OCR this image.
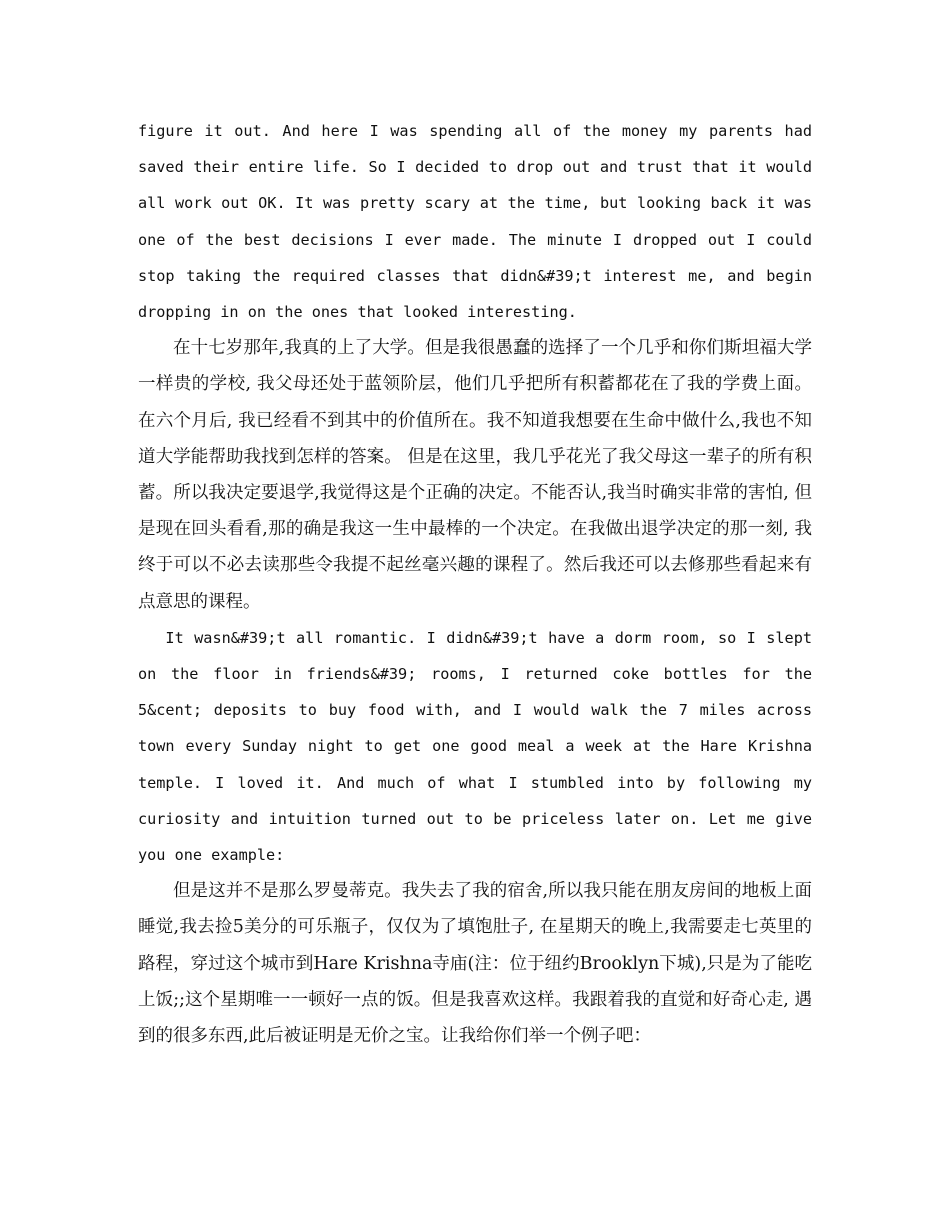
figure it out. And here I was spending all of the money my parents had saved their entire life. So I decided to drop out and trust that it would all work out OK. It was pretty scary at the time, but looking back it was one of the best decisions I ever made. The minute I dropped out I could stop taking the required classes that didn&#39;t interest me, and begin dropping in on the ones that looked interesting.

在十七岁那年,我真的上了大学。但是我很愚蠢的选择了一个几乎和你们斯坦福大学一样贵的学校, 我父母还处于蓝领阶层，他们几乎把所有积蓄都花在了我的学费上面。在六个月后, 我已经看不到其中的价值所在。我不知道我想要在生命中做什么,我也不知道大学能帮助我找到怎样的答案。 但是在这里，我几乎花光了我父母这一辈子的所有积蓄。所以我决定要退学,我觉得这是个正确的决定。不能否认,我当时确实非常的害怕, 但是现在回头看看,那的确是我这一生中最棒的一个决定。在我做出退学决定的那一刻, 我终于可以不必去读那些令我提不起丝毫兴趣的课程了。然后我还可以去修那些看起来有点意思的课程。

It wasn&#39;t all romantic. I didn&#39;t have a dorm room, so I slept on the floor in friends&#39; rooms, I returned coke bottles for the 5&cent; deposits to buy food with, and I would walk the 7 miles across town every Sunday night to get one good meal a week at the Hare Krishna temple. I loved it. And much of what I stumbled into by following my curiosity and intuition turned out to be priceless later on. Let me give you one example:

但是这并不是那么罗曼蒂克。我失去了我的宿舍,所以我只能在朋友房间的地板上面睡觉,我去捡5美分的可乐瓶子，仅仅为了填饱肚子, 在星期天的晚上,我需要走七英里的路程，穿过这个城市到Hare Krishna寺庙(注：位于纽约Brooklyn下城),只是为了能吃上饭;;这个星期唯一一顿好一点的饭。但是我喜欢这样。我跟着我的直觉和好奇心走, 遇到的很多东西,此后被证明是无价之宝。让我给你们举一个例子吧：
